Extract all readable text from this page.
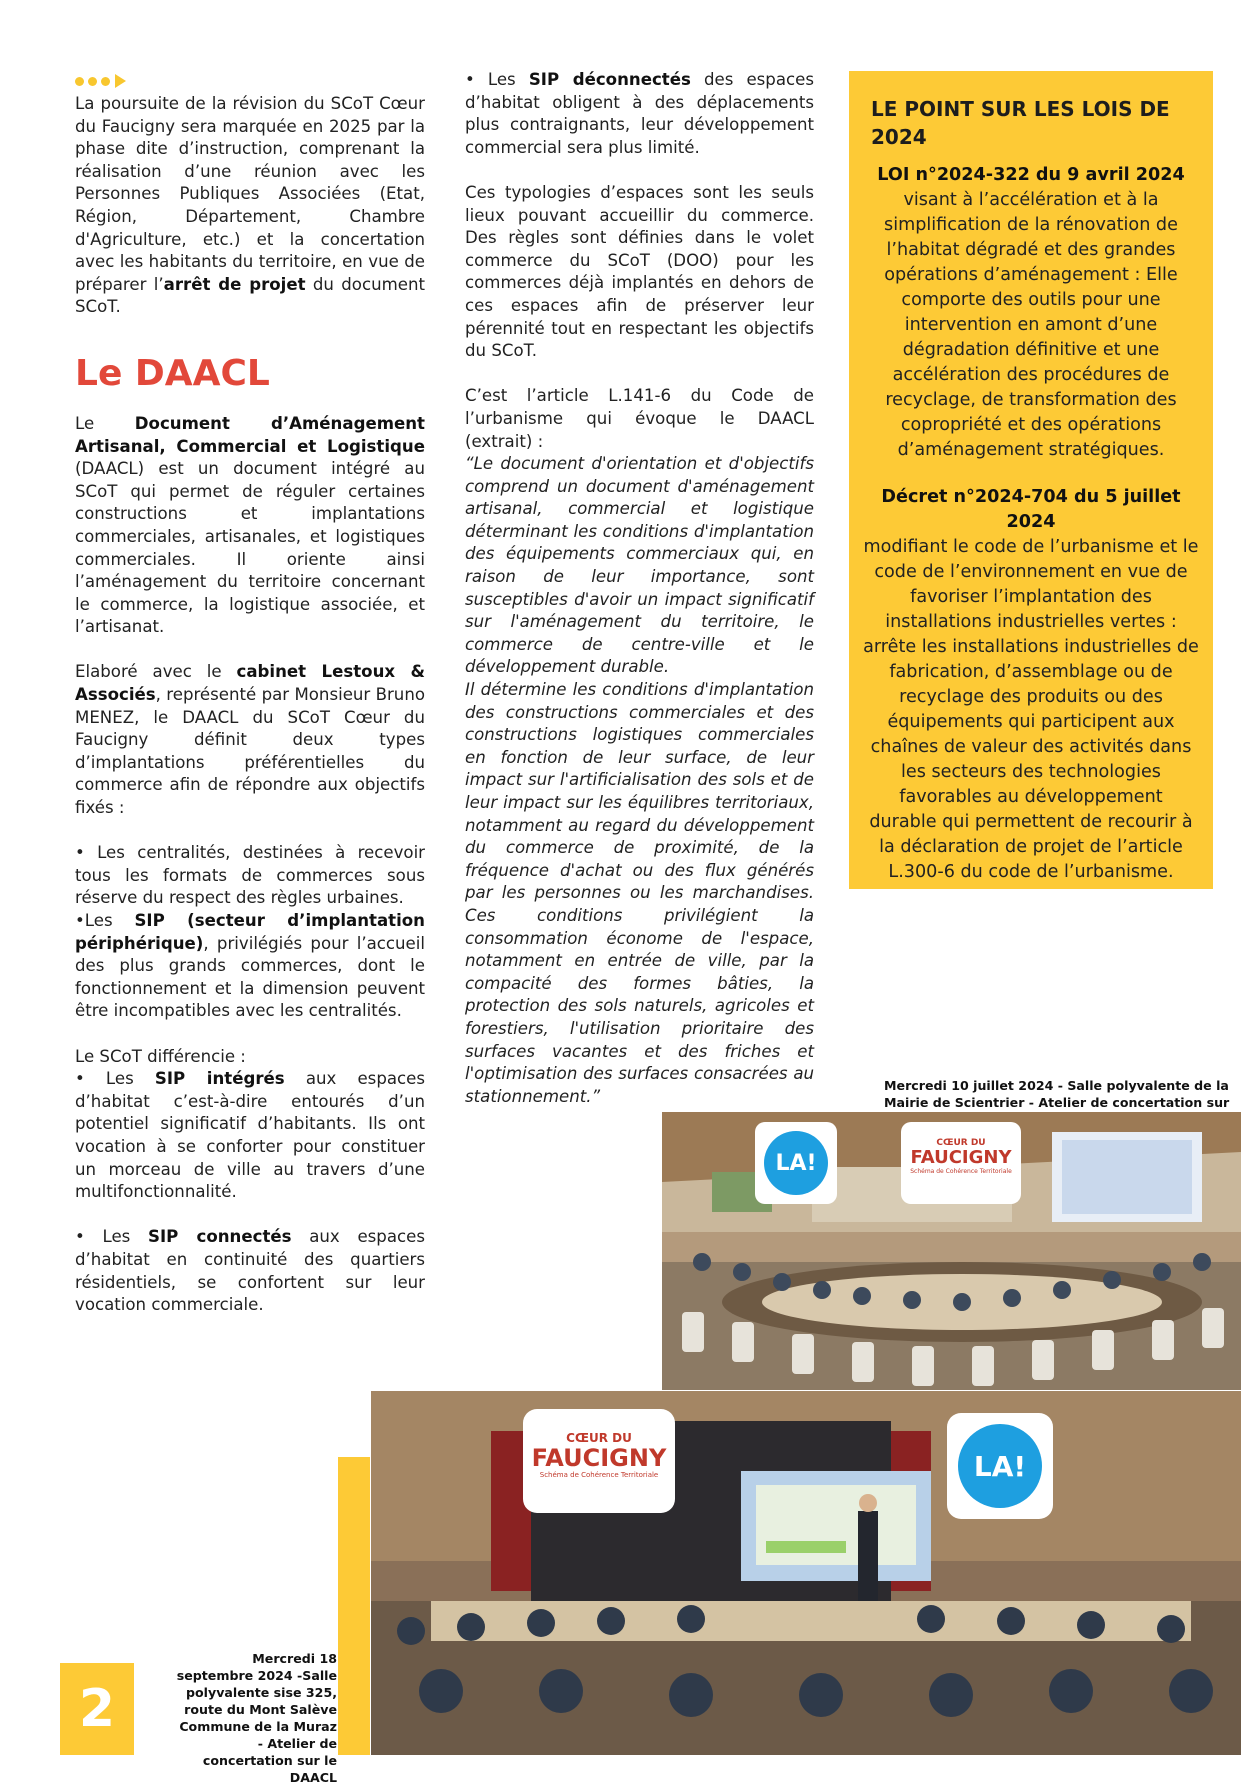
La poursuite de la révision du SCoT Cœur du Faucigny sera marquée en 2025 par la phase dite d’instruction, comprenant la réalisation d’une réunion avec les Personnes Publiques Associées (Etat, Région, Département, Chambre d'Agriculture, etc.) et la concertation avec les habitants du territoire, en vue de préparer l’arrêt de projet du document SCoT.

Le DAACL

Le Document d’Aménagement Artisanal, Commercial et Logistique (DAACL) est un document intégré au SCoT qui permet de réguler certaines constructions et implantations commerciales, artisanales, et logistiques commerciales. Il oriente ainsi l’aménagement du territoire concernant le commerce, la logistique associée, et l’artisanat.

Elaboré avec le cabinet Lestoux & Associés, représenté par Monsieur Bruno MENEZ, le DAACL du SCoT Cœur du Faucigny définit deux types d’implantations préférentielles du commerce afin de répondre aux objectifs fixés :

• Les centralités, destinées à recevoir tous les formats de commerces sous réserve du respect des règles urbaines.

•Les SIP (secteur d’implantation périphérique), privilégiés pour l’accueil des plus grands commerces, dont le fonctionnement et la dimension peuvent être incompatibles avec les centralités.

Le SCoT différencie :

• Les SIP intégrés aux espaces d’habitat c’est-à-dire entourés d’un potentiel significatif d’habitants. Ils ont vocation à se conforter pour constituer un morceau de ville au travers d’une multifonctionnalité.

• Les SIP connectés aux espaces d’habitat en continuité des quartiers résidentiels, se confortent sur leur vocation commerciale.

• Les SIP déconnectés des espaces d’habitat obligent à des déplacements plus contraignants, leur développement commercial sera plus limité.

Ces typologies d’espaces sont les seuls lieux pouvant accueillir du commerce. Des règles sont définies dans le volet commerce du SCoT (DOO) pour les commerces déjà implantés en dehors de ces espaces afin de préserver leur pérennité tout en respectant les objectifs du SCoT.

C’est l’article L.141-6 du Code de l’urbanisme qui évoque le DAACL (extrait) :

“Le document d'orientation et d'objectifs comprend un document d'aménagement artisanal, commercial et logistique déterminant les conditions d'implantation des équipements commerciaux qui, en raison de leur importance, sont susceptibles d'avoir un impact significatif sur l'aménagement du territoire, le commerce de centre-ville et le développement durable.

Il détermine les conditions d'implantation des constructions commerciales et des constructions logistiques commerciales en fonction de leur surface, de leur impact sur l'artificialisation des sols et de leur impact sur les équilibres territoriaux, notamment au regard du développement du commerce de proximité, de la fréquence d'achat ou des flux générés par les personnes ou les marchandises. Ces conditions privilégient la consommation économe de l'espace, notamment en entrée de ville, par la compacité des formes bâties, la protection des sols naturels, agricoles et forestiers, l'utilisation prioritaire des surfaces vacantes et des friches et l'optimisation des surfaces consacrées au stationnement.”

LE POINT SUR LES LOIS DE 2024

LOI n°2024-322 du 9 avril 2024

visant à l’accélération et à la simplification de la rénovation de l’habitat dégradé et des grandes opérations d’aménagement : Elle comporte des outils pour une intervention en amont d’une dégradation définitive et une accélération des procédures de recyclage, de transformation des copropriété et des opérations d’aménagement stratégiques.

Décret n°2024-704 du 5 juillet 2024

modifiant le code de l’urbanisme et le code de l’environnement en vue de favoriser l’implantation des installations industrielles vertes : arrête les installations industrielles de fabrication, d’assemblage ou de recyclage des produits ou des équipements qui participent aux chaînes de valeur des activités dans les secteurs des technologies favorables au développement durable qui permettent de recourir à la déclaration de projet de l’article L.300-6 du code de l’urbanisme.

Mercredi 10 juillet 2024 - Salle polyvalente de la Mairie de Scientrier - Atelier de concertation sur
LA!
CŒUR DU
FAUCIGNY
Schéma de Cohérence Territoriale
CŒUR DU
FAUCIGNY
Schéma de Cohérence Territoriale	LA!
Mercredi 18 septembre 2024 -Salle polyvalente sise 325, route du Mont Salève Commune de la Muraz - Atelier de concertation sur le DAACL
2
